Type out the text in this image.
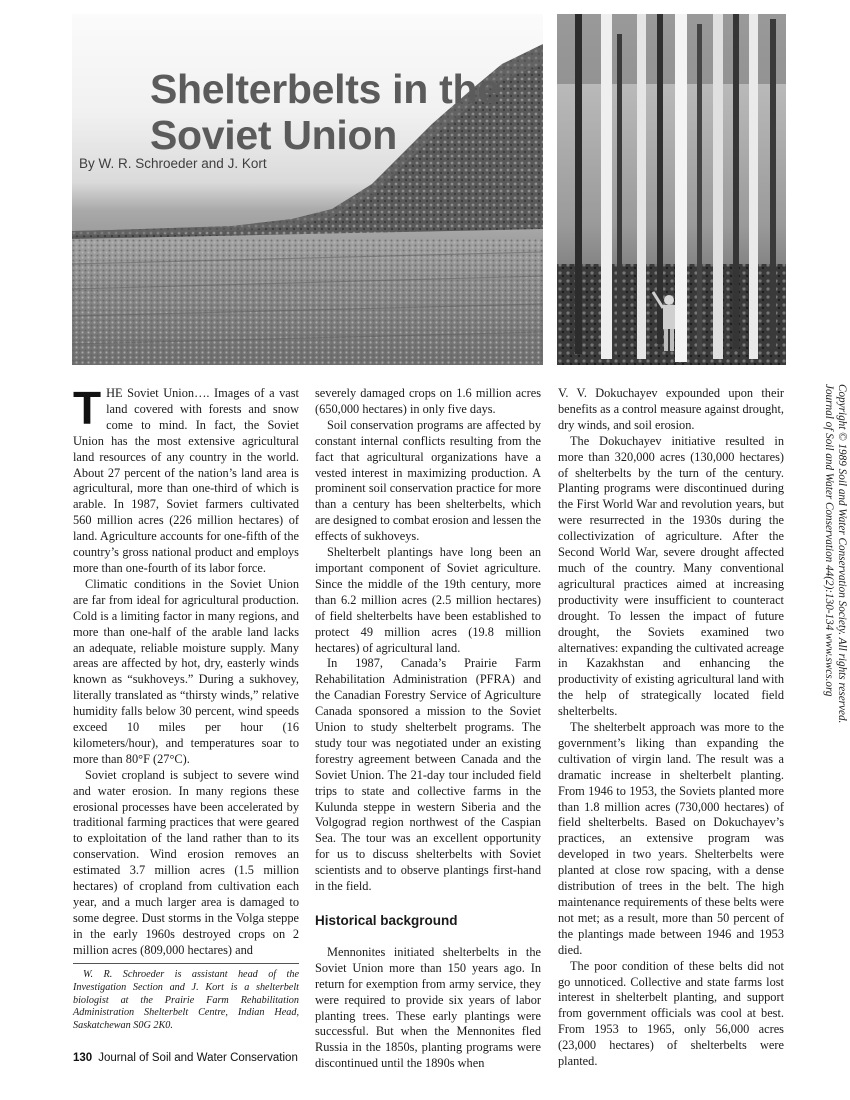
Shelterbelts in the
Soviet Union

By W. R. Schroeder and J. Kort

THE Soviet Union…. Images of a vast land covered with forests and snow come to mind. In fact, the Soviet Union has the most extensive agricultural land resources of any country in the world. About 27 percent of the nation’s land area is agricultural, more than one-third of which is arable. In 1987, Soviet farmers cultivated 560 million acres (226 million hectares) of land. Agriculture accounts for one-fifth of the country’s gross national product and employs more than one-fourth of its labor force.

Climatic conditions in the Soviet Union are far from ideal for agricultural production. Cold is a limiting factor in many regions, and more than one-half of the arable land lacks an adequate, reliable moisture supply. Many areas are affected by hot, dry, easterly winds known as “sukhoveys.” During a sukhovey, literally translated as “thirsty winds,” relative humidity falls below 30 percent, wind speeds exceed 10 miles per hour (16 kilometers/hour), and temperatures soar to more than 80°F (27°C).

Soviet cropland is subject to severe wind and water erosion. In many regions these erosional processes have been accelerated by traditional farming practices that were geared to exploitation of the land rather than to its conservation. Wind erosion removes an estimated 3.7 million acres (1.5 million hectares) of cropland from cultivation each year, and a much larger area is damaged to some degree. Dust storms in the Volga steppe in the early 1960s destroyed crops on 2 million acres (809,000 hectares) and

W. R. Schroeder is assistant head of the Investigation Section and J. Kort is a shelterbelt biologist at the Prairie Farm Rehabilitation Administration Shelterbelt Centre, Indian Head, Saskatchewan S0G 2K0.

severely damaged crops on 1.6 million acres (650,000 hectares) in only five days.

Soil conservation programs are affected by constant internal conflicts resulting from the fact that agricultural organizations have a vested interest in maximizing production. A prominent soil conservation practice for more than a century has been shelterbelts, which are designed to combat erosion and lessen the effects of sukhoveys.

Shelterbelt plantings have long been an important component of Soviet agriculture. Since the middle of the 19th century, more than 6.2 million acres (2.5 million hectares) of field shelterbelts have been established to protect 49 million acres (19.8 million hectares) of agricultural land.

In 1987, Canada’s Prairie Farm Rehabilitation Administration (PFRA) and the Canadian Forestry Service of Agriculture Canada sponsored a mission to the Soviet Union to study shelterbelt programs. The study tour was negotiated under an existing forestry agreement between Canada and the Soviet Union. The 21-day tour included field trips to state and collective farms in the Kulunda steppe in western Siberia and the Volgograd region northwest of the Caspian Sea. The tour was an excellent opportunity for us to discuss shelterbelts with Soviet scientists and to observe plantings first-hand in the field.

Historical background

Mennonites initiated shelterbelts in the Soviet Union more than 150 years ago. In return for exemption from army service, they were required to provide six years of labor planting trees. These early plantings were successful. But when the Mennonites fled Russia in the 1850s, planting programs were discontinued until the 1890s when

V. V. Dokuchayev expounded upon their benefits as a control measure against drought, dry winds, and soil erosion.

The Dokuchayev initiative resulted in more than 320,000 acres (130,000 hectares) of shelterbelts by the turn of the century. Planting programs were discontinued during the First World War and revolution years, but were resurrected in the 1930s during the collectivization of agriculture. After the Second World War, severe drought affected much of the country. Many conventional agricultural practices aimed at increasing productivity were insufficient to counteract drought. To lessen the impact of future drought, the Soviets examined two alternatives: expanding the cultivated acreage in Kazakhstan and enhancing the productivity of existing agricultural land with the help of strategically located field shelterbelts.

The shelterbelt approach was more to the government’s liking than expanding the cultivation of virgin land. The result was a dramatic increase in shelterbelt planting. From 1946 to 1953, the Soviets planted more than 1.8 million acres (730,000 hectares) of field shelterbelts. Based on Dokuchayev’s practices, an extensive program was developed in two years. Shelterbelts were planted at close row spacing, with a dense distribution of trees in the belt. The high maintenance requirements of these belts were not met; as a result, more than 50 percent of the plantings made between 1946 and 1953 died.

The poor condition of these belts did not go unnoticed. Collective and state farms lost interest in shelterbelt planting, and support from government officials was cool at best. From 1953 to 1965, only 56,000 acres (23,000 hectares) of shelterbelts were planted.

130 Journal of Soil and Water Conservation

Copyright © 1989 Soil and Water Conservation Society. All rights reserved.
Journal of Soil and Water Conservation 44(2):130-134 www.swcs.org
